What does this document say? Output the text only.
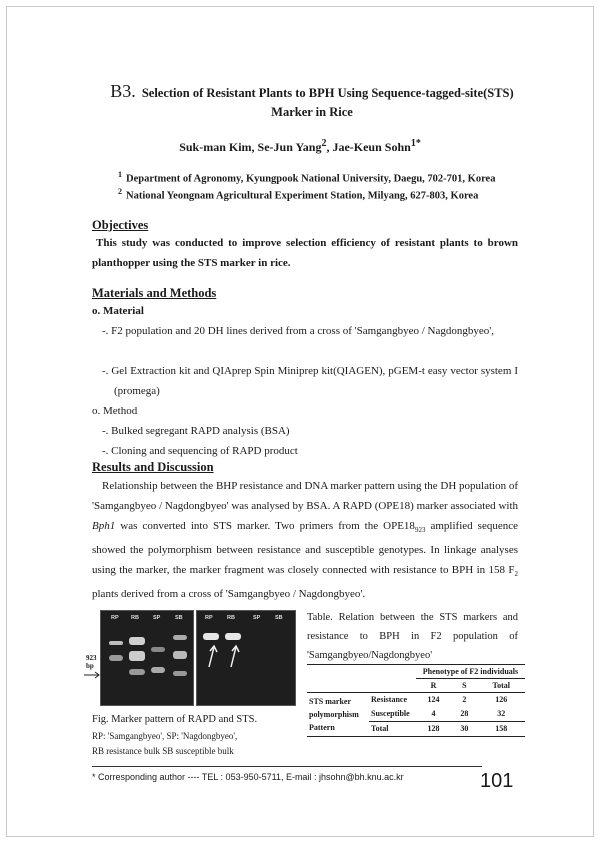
B3. Selection of Resistant Plants to BPH Using Sequence-tagged-site(STS)
Marker in Rice
Suk-man Kim, Se-Jun Yang$^2$, Jae-Keun Sohn$^{1*}$
$^1$ Department of Agronomy, Kyungpook National University, Daegu, 702-701, Korea
$^2$ National Yeongnam Agricultural Experiment Station, Milyang, 627-803, Korea
Objectives
This study was conducted to improve selection efficiency of resistant plants to brown planthopper using the STS marker in rice.
Materials and Methods
o. Material
-. F2 population and 20 DH lines derived from a cross of 'Samgangbyeo / Nagdongbyeo',
-. Gel Extraction kit and QIAprep Spin Miniprep kit(QIAGEN), pGEM-t easy vector system I (promega)
o. Method
-. Bulked segregant RAPD analysis (BSA)
-. Cloning and sequencing of RAPD product
Results and Discussion
Relationship between the BHP resistance and DNA marker pattern using the DH population of 'Samgangbyeo / Nagdongbyeo' was analysed by BSA. A RAPD (OPE18) marker associated with Bph1 was converted into STS marker. Two primers from the $OPE18_{923}$ amplified sequence showed the polymorphism between resistance and susceptible genotypes. In linkage analyses using the marker, the marker fragment was closely connected with resistance to BPH in 158 $F_2$ plants derived from a cross of 'Samgangbyeo / Nagdongbyeo'.
RP RB	SP	SB	RP	RB	SP	SB
923
bp
Fig. Marker pattern of RAPD and STS.
RP: 'Samgangbyeo', SP: 'Nagdongbyeo',
RB resistance bulk SB susceptible bulk
Table. Relation between the STS markers and resistance to BPH in F2 population of 'Samgangbyeo/Nagdongbyeo'
		Phenotype of F2 individuals		
		R	S	Total
STS marker polymorphism Pattern	Resistance	124	2	126
	Susceptible	4	28	32
	Total	128	30	158
* Corresponding author ---- TEL : 053-950-5711, E-mail : jhsohn@bh.knu.ac.kr	101
